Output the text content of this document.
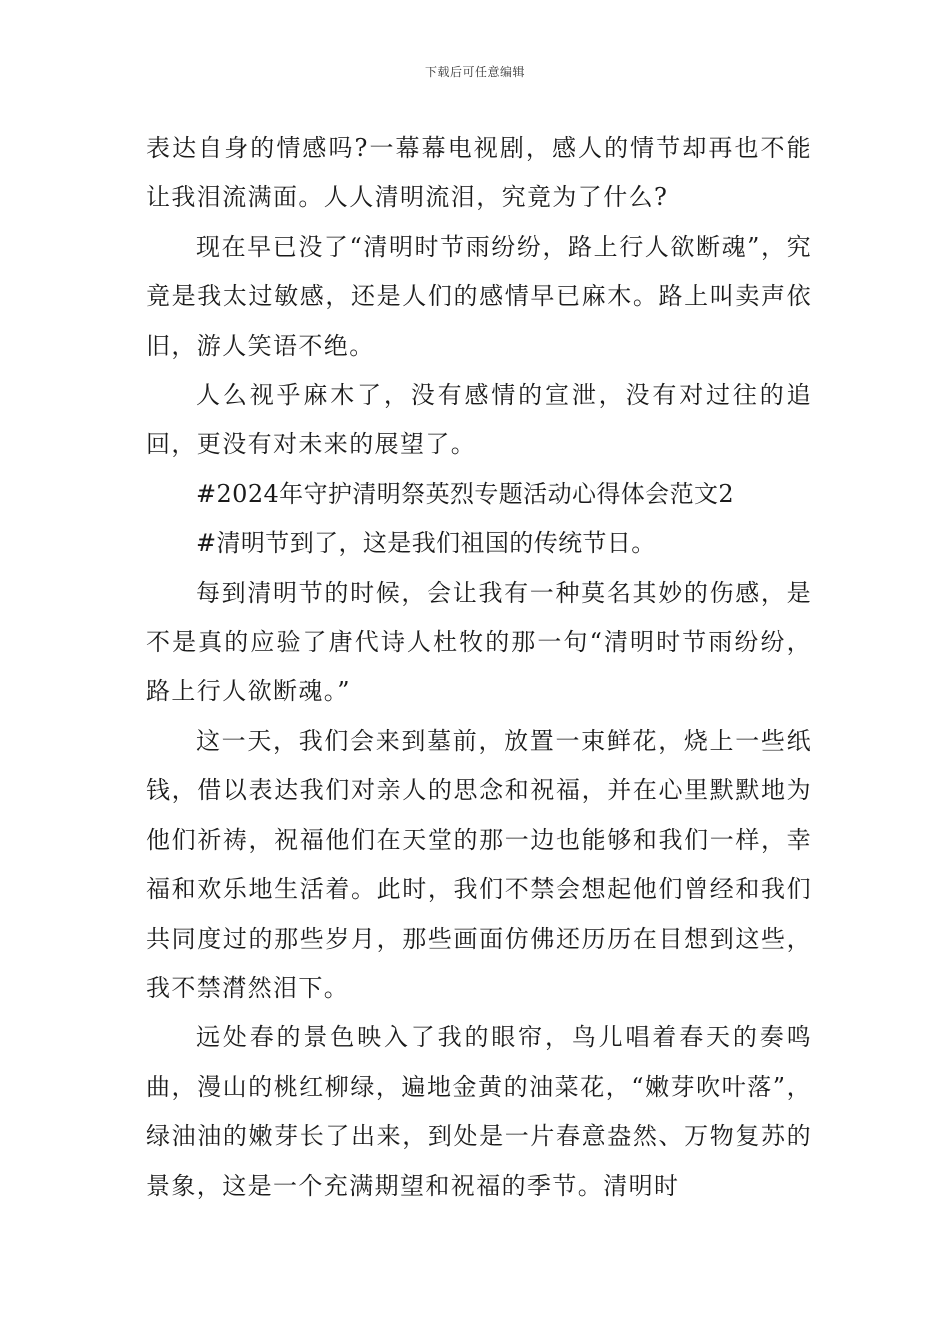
下载后可任意编辑

表达自身的情感吗?一幕幕电视剧，感人的情节却再也不能让我泪流满面。人人清明流泪，究竟为了什么?

现在早已没了“清明时节雨纷纷，路上行人欲断魂”，究竟是我太过敏感，还是人们的感情早已麻木。路上叫卖声依旧，游人笑语不绝。

人么视乎麻木了，没有感情的宣泄，没有对过往的追回，更没有对未来的展望了。

#2024年守护清明祭英烈专题活动心得体会范文2

#清明节到了，这是我们祖国的传统节日。

每到清明节的时候，会让我有一种莫名其妙的伤感，是不是真的应验了唐代诗人杜牧的那一句“清明时节雨纷纷，路上行人欲断魂。”

这一天，我们会来到墓前，放置一束鲜花，烧上一些纸钱，借以表达我们对亲人的思念和祝福，并在心里默默地为他们祈祷，祝福他们在天堂的那一边也能够和我们一样，幸福和欢乐地生活着。此时，我们不禁会想起他们曾经和我们共同度过的那些岁月，那些画面仿佛还历历在目想到这些，我不禁潸然泪下。

远处春的景色映入了我的眼帘，鸟儿唱着春天的奏鸣曲，漫山的桃红柳绿，遍地金黄的油菜花，“嫩芽吹叶落”，绿油油的嫩芽长了出来，到处是一片春意盎然、万物复苏的景象，这是一个充满期望和祝福的季节。清明时
